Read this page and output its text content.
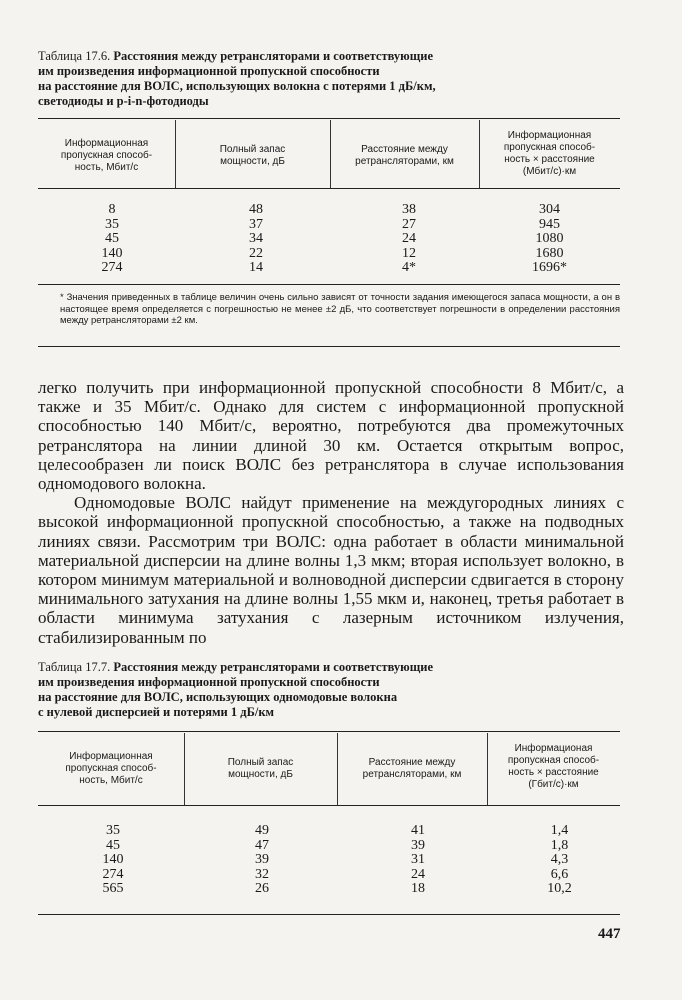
Таблица 17.6. Расстояния между ретрансляторами и соответствующие
им произведения информационной пропускной способности
на расстояние для ВОЛС, использующих волокна с потерями 1 дБ/км,
светодиоды и p-i-n-фотодиоды
Информационная
пропускная способ-
ность, Мбит/с
Полный запас
мощности, дБ
Расстояние между
ретрансляторами, км
Информационная
пропускная способ-
ность × расстояние
(Мбит/с)·км
8
35
45
140
274
48
37
34
22
14
38
27
24
12
4*
304
945
1080
1680
1696*
* Значения приведенных в таблице величин очень сильно зависят от точности задания имеющегося запаса мощности, а он в настоящее время определяется с погрешностью не менее ±2 дБ, что соответствует погрешности в определении расстояния между ретрансляторами ±2 км.

легко получить при информационной пропускной способности 8 Мбит/с, а также и 35 Мбит/с. Однако для систем с информационной пропускной способностью 140 Мбит/с, вероятно, потребуются два промежуточных ретранслятора на линии длиной 30 км. Остается открытым вопрос, целесообразен ли поиск ВОЛС без ретранслятора в случае использования одномодового волокна.

Одномодовые ВОЛС найдут применение на междугородных линиях с высокой информационной пропускной способностью, а также на подводных линиях связи. Рассмотрим три ВОЛС: одна работает в области минимальной материальной дисперсии на длине волны 1,3 мкм; вторая использует волокно, в котором минимум материальной и волноводной дисперсии сдвигается в сторону минимального затухания на длине волны 1,55 мкм и, наконец, третья работает в области минимума затухания с лазерным источником излучения, стабилизированным по

Таблица 17.7. Расстояния между ретрансляторами и соответствующие
им произведения информационной пропускной способности
на расстояние для ВОЛС, использующих одномодовые волокна
с нулевой дисперсией и потерями 1 дБ/км
Информационная
пропускная способ-
ность, Мбит/с
Полный запас
мощности, дБ
Расстояние между
ретрансляторами, км
Информационая
пропускная способ-
ность × расстояние
(Гбит/с)·км
35
45
140
274
565
49
47
39
32
26
41
39
31
24
18
1,4
1,8
4,3
6,6
10,2
447
